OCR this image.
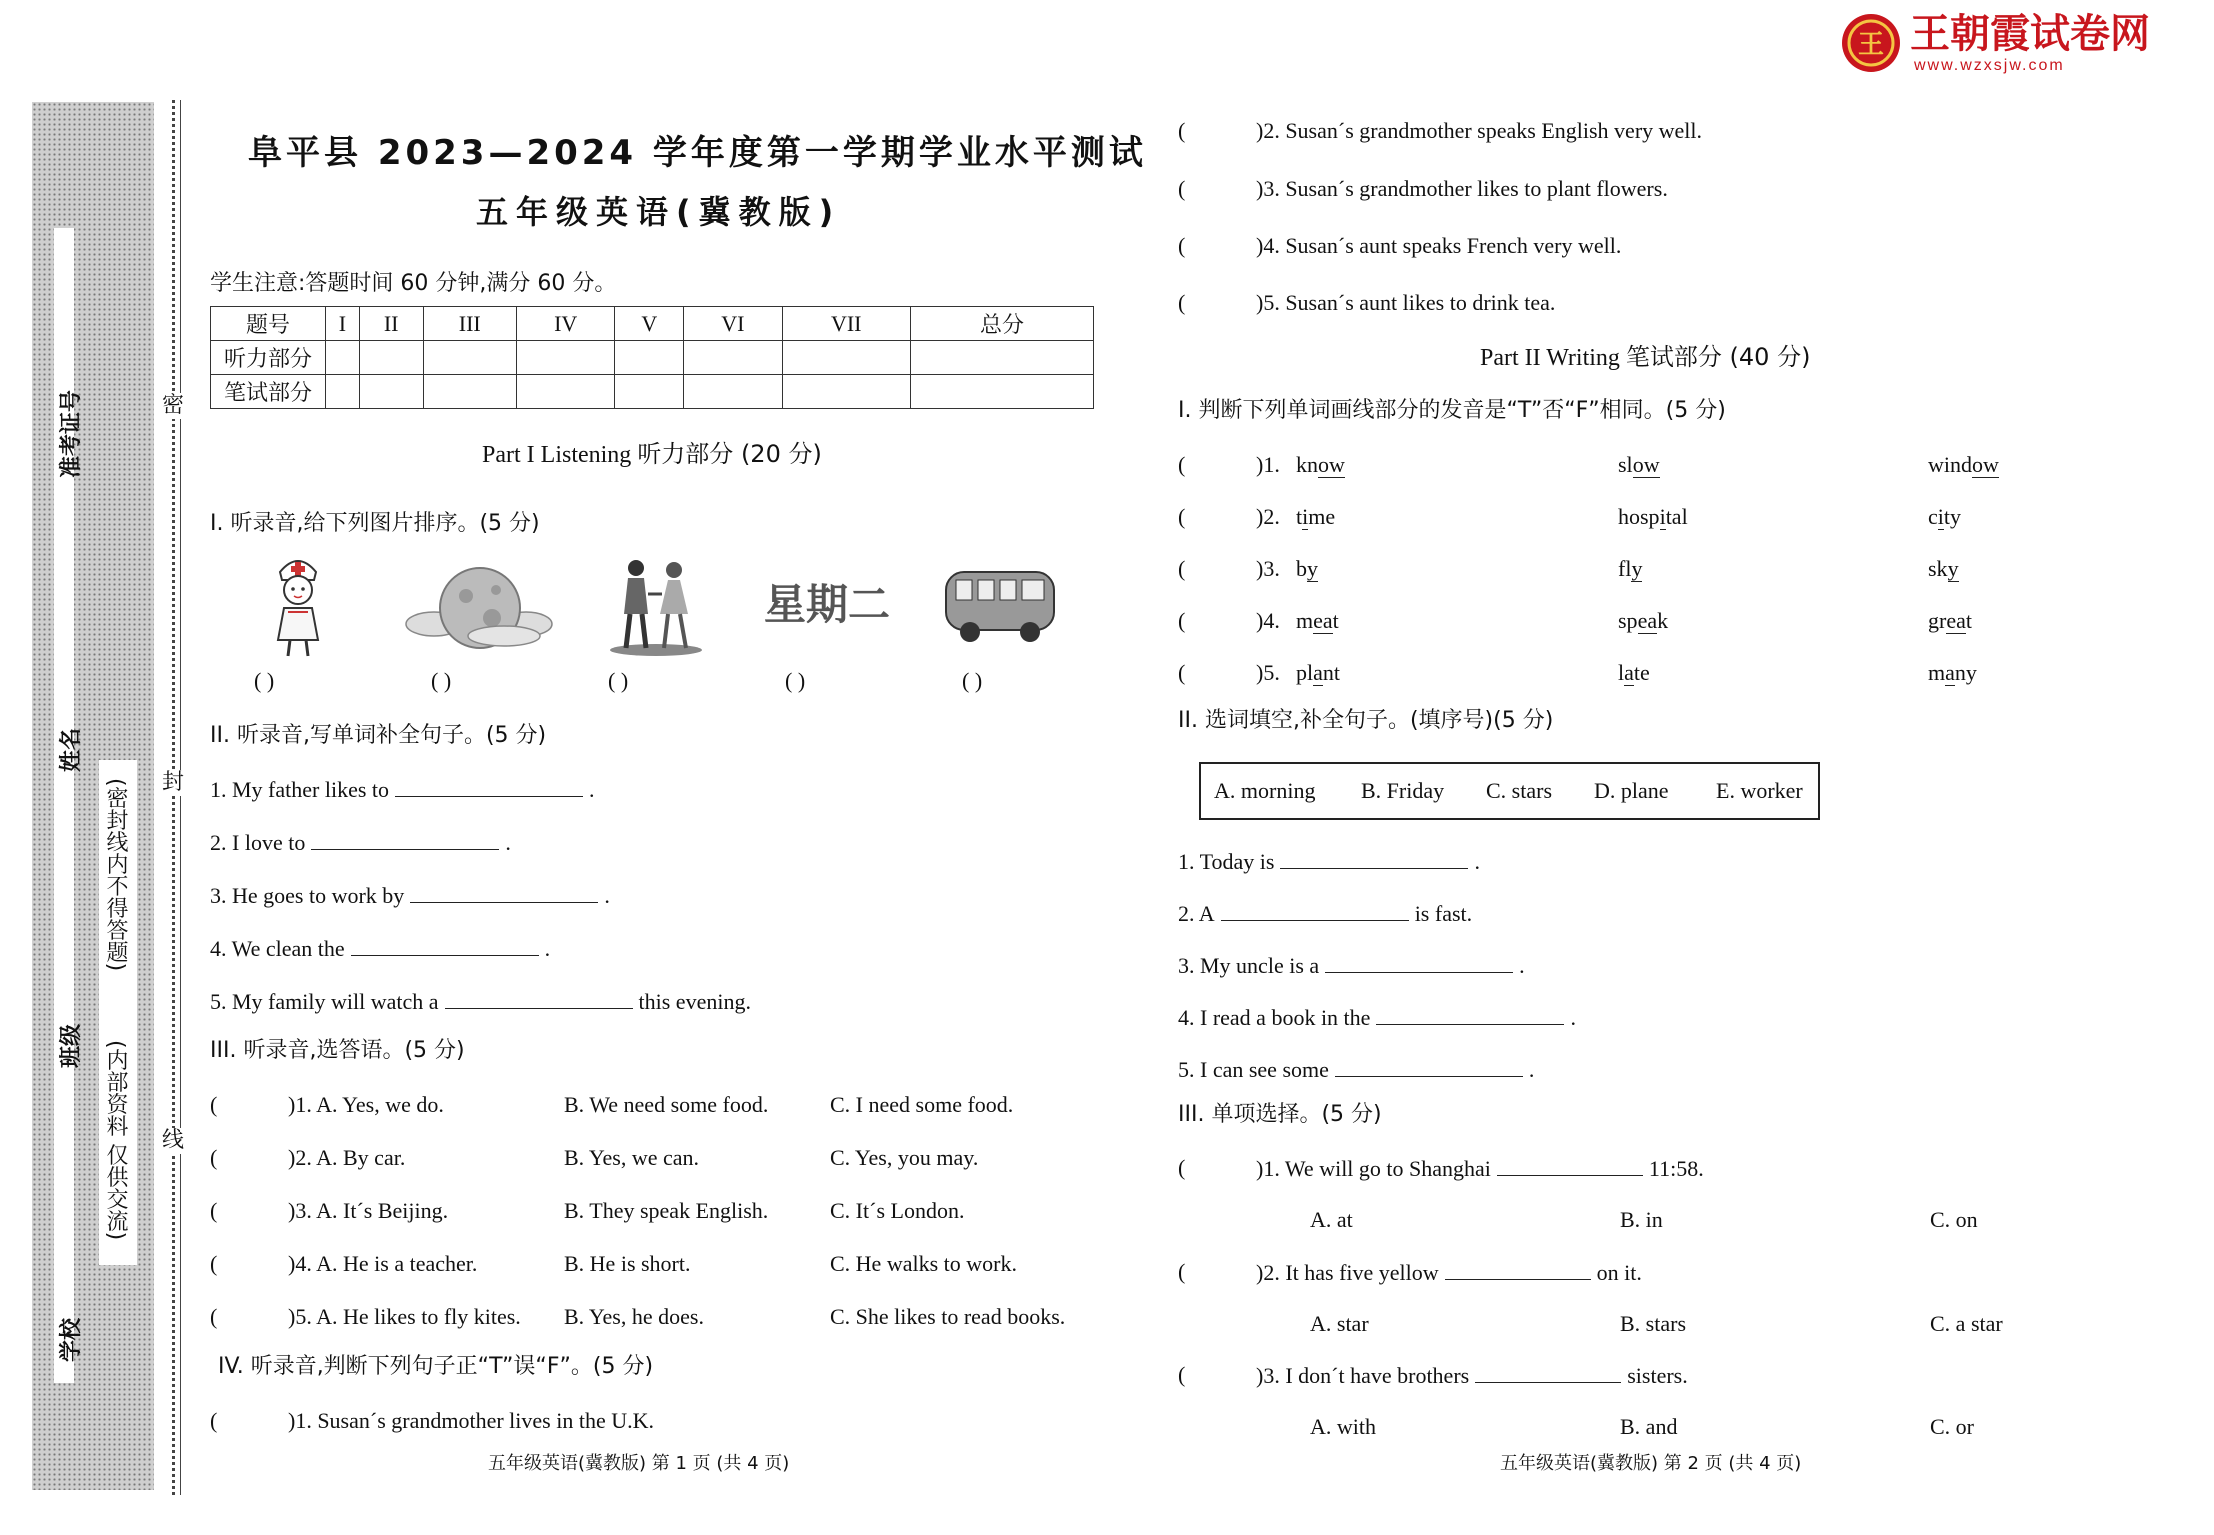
王 王朝霞试卷网
www.wzxsjw.com
准考证号
姓名
班级
学校
(密封线内不得答题)
(内部资料 仅供交流)
密
封
线
阜平县 2023—2024 学年度第一学期学业水平测试
五年级英语(冀教版)
学生注意:答题时间 60 分钟,满分 60 分。
题号	I	II	III	IV	V	VI	VII	总分
听力部分								
笔试部分								
Part I Listening 听力部分 (20 分)
I. 听录音,给下列图片排序。(5 分)
星期二
( )	( )	( )	( )	( )
II. 听录音,写单词补全句子。(5 分)
1. My father likes to	.
2. I love to	.
3. He goes to work by	.
4. We clean the	.
5. My family will watch a	this evening.
III. 听录音,选答语。(5 分)
(	)1. A. Yes, we do.	B. We need some food.	C. I need some food.
(	)2. A. By car.	B. Yes, we can.	C. Yes, you may.
(	)3. A. It´s Beijing.	B. They speak English.	C. It´s London.
(	)4. A. He is a teacher.	B. He is short.	C. He walks to work.
(	)5. A. He likes to fly kites. B. Yes, he does.	C. She likes to read books.
IV. 听录音,判断下列句子正“T”误“F”。(5 分)
(	)1. Susan´s grandmother lives in the U.K.
五年级英语(冀教版) 第 1 页 (共 4 页)
(	)2. Susan´s grandmother speaks English very well.
(	)3. Susan´s grandmother likes to plant flowers.
(	)4. Susan´s aunt speaks French very well.
(	)5. Susan´s aunt likes to drink tea.
Part II Writing 笔试部分 (40 分)
I. 判断下列单词画线部分的发音是“T”否“F”相同。(5 分)
(	)1. know	slow	window
(	)2. time	hospital	city
(	)3. by	fly	sky
(	)4. meat	speak	great
(	)5. plant	late	many
II. 选词填空,补全句子。(填序号)(5 分)
A. morning B. Friday C. stars D. plane E. worker
1. Today is	.
2. A	is fast.
3. My uncle is a	.
4. I read a book in the	.
5. I can see some	.
III. 单项选择。(5 分)
(	)1. We will go to Shanghai	11:58.
A. at	B. in	C. on
(	)2. It has five yellow	on it.
A. star	B. stars	C. a star
(	)3. I don´t have brothers	sisters.
A. with	B. and	C. or
五年级英语(冀教版) 第 2 页 (共 4 页)
